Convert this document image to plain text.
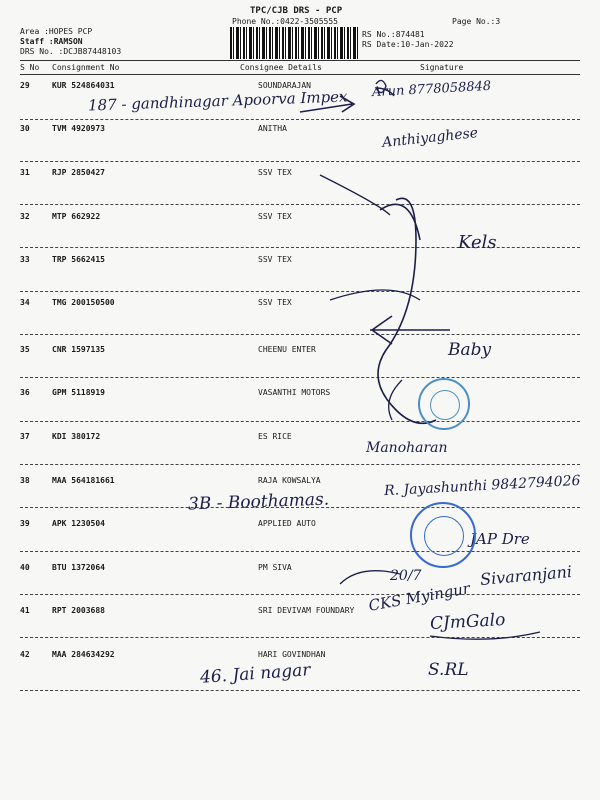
TPC/CJB DRS - PCP
Phone No.:0422-3505555	Page No.:3
Area :HOPES PCP
Staff :RAMSON
DRS No. :DCJB87448103
RS No.:874481
RS Date:10-Jan-2022
S No Consignment No	Consignee Details	Signature
29	KUR 524864031	SOUNDARAJAN
30	TVM 4920973	ANITHA
31	RJP 2850427	SSV TEX
32	MTP 662922	SSV TEX
33	TRP 5662415	SSV TEX
34	TMG 200150500	SSV TEX
35	CNR 1597135	CHEENU ENTER
36	GPM 5118919	VASANTHI MOTORS
37	KDI 380172	ES RICE
38	MAA 564181661	RAJA KOWSALYA
39	APK 1230504	APPLIED AUTO
40	BTU 1372064	PM SIVA
41	RPT 2003688	SRI DEVIVAM FOUNDARY
42	MAA 284634292	HARI GOVINDHAN
187 - gandhinagar Apoorva Impex Arun 8778058848
Anthiyaghese
Kels
Baby
Manoharan
3B - Boothamas.
R. Jayashunthi 9842794026
JAP Dre
20/7
CKS Myingur
Sivaranjani
CJmGalo
46. Jai nagar	S.RL
